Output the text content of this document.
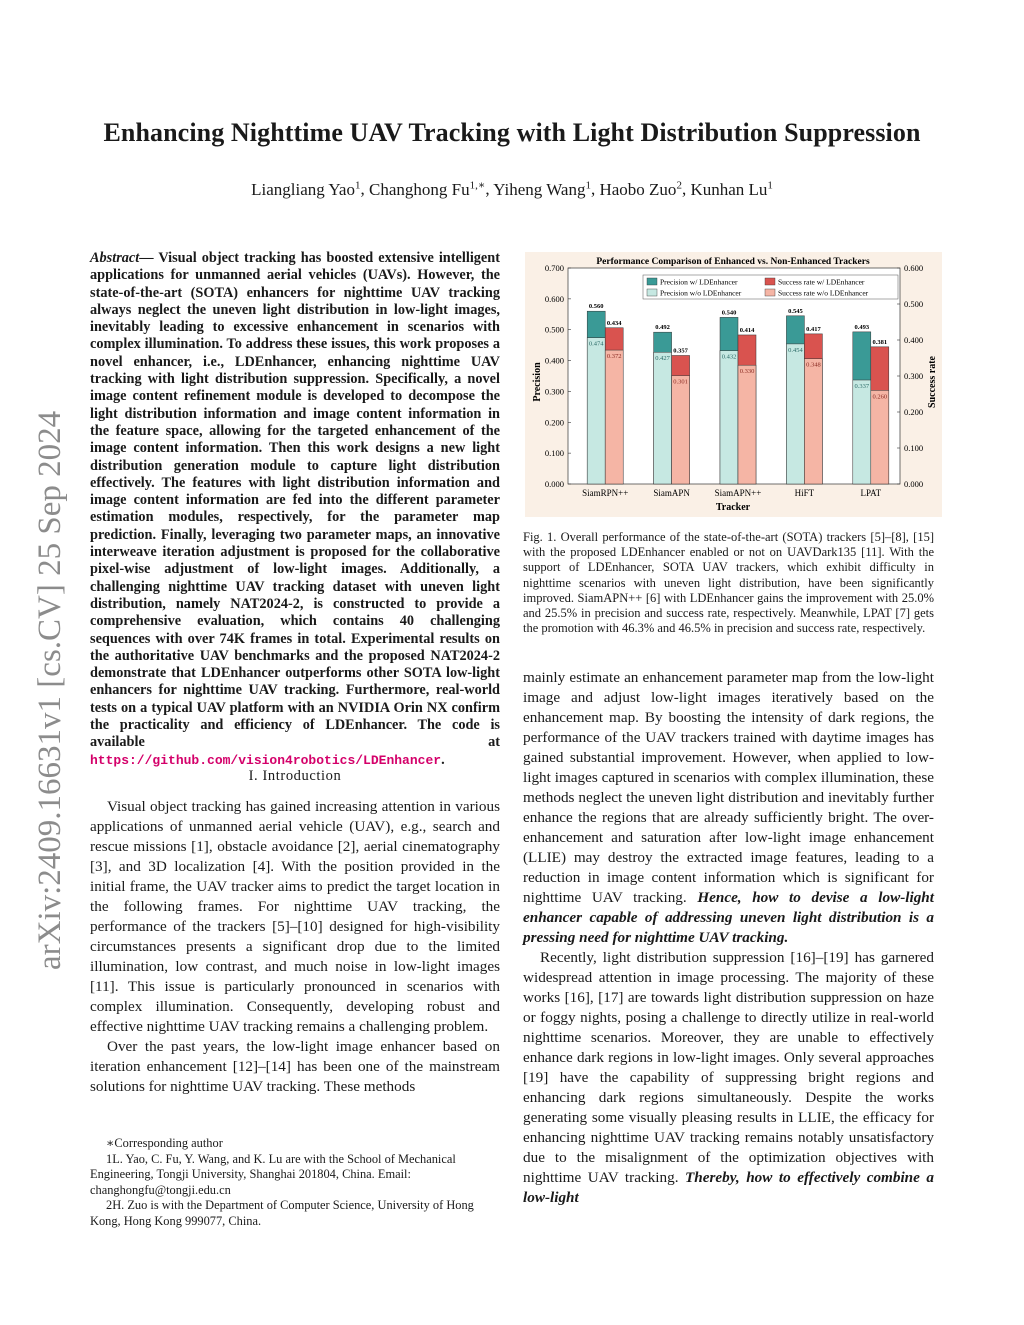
arXiv:2409.16631v1 [cs.CV] 25 Sep 2024
Enhancing Nighttime UAV Tracking with Light Distribution Suppression
Liangliang Yao$^1$, Changhong $Fu^{1,∗}$, Yiheng Wang$^1$, Haobo Zuo$^2$, Kunhan Lu$^1$
Abstract— Visual object tracking has boosted extensive intelligent applications for unmanned aerial vehicles (UAVs). However, the state-of-the-art (SOTA) enhancers for nighttime UAV tracking always neglect the uneven light distribution in low-light images, inevitably leading to excessive enhancement in scenarios with complex illumination. To address these issues, this work proposes a novel enhancer, i.e., LDEnhancer, enhancing nighttime UAV tracking with light distribution suppression. Specifically, a novel image content refinement module is developed to decompose the light distribution information and image content information in the feature space, allowing for the targeted enhancement of the image content information. Then this work designs a new light distribution generation module to capture light distribution effectively. The features with light distribution information and image content information are fed into the different parameter estimation modules, respectively, for the parameter map prediction. Finally, leveraging two parameter maps, an innovative interweave iteration adjustment is proposed for the collaborative pixel-wise adjustment of low-light images. Additionally, a challenging nighttime UAV tracking dataset with uneven light distribution, namely NAT2024-2, is constructed to provide a comprehensive evaluation, which contains 40 challenging sequences with over 74K frames in total. Experimental results on the authoritative UAV benchmarks and the proposed NAT2024-2 demonstrate that LDEnhancer outperforms other SOTA low-light enhancers for nighttime UAV tracking. Furthermore, real-world tests on a typical UAV platform with an NVIDIA Orin NX confirm the practicality and efficiency of LDEnhancer. The code is available at https://github.com/vision4robotics/LDEnhancer.
I. Introduction

Visual object tracking has gained increasing attention in various applications of unmanned aerial vehicle (UAV), e.g., search and rescue missions [1], obstacle avoidance [2], aerial cinematography [3], and 3D localization [4]. With the position provided in the initial frame, the UAV tracker aims to predict the target location in the following frames. For nighttime UAV tracking, the performance of the trackers [5]–[10] designed for high-visibility circumstances presents a significant drop due to the limited illumination, low contrast, and much noise in low-light images [11]. This issue is particularly pronounced in scenarios with complex illumination. Consequently, developing robust and effective nighttime UAV tracking remains a challenging problem.

Over the past years, the low-light image enhancer based on iteration enhancement [12]–[14] has been one of the mainstream solutions for nighttime UAV tracking. These methods

∗Corresponding author
1L. Yao, C. Fu, Y. Wang, and K. Lu are with the School of Mechanical Engineering, Tongji University, Shanghai 201804, China. Email: changhongfu@tongji.edu.cn
2H. Zuo is with the Department of Computer Science, University of Hong Kong, Hong Kong 999077, China.
Performance Comparison of Enhanced vs. Non-Enhanced Trackers
Precision	Success rate
Tracker
0.000
0.100
0.200
0.300
0.400
0.500
0.600
0.700
0.000
0.100
0.200
0.300
0.400
0.500
0.600
0.560
0.474
0.434
0.372
SiamRPN++
0.492
0.427
0.357
0.301
SiamAPN
0.540
0.432
0.414
0.330
SiamAPN++
0.545
0.454
0.417
0.348
HiFT
0.493
0.337
0.381
0.260
LPAT
Precision w/ LDEnhancer
Precision w/o LDEnhancer
Success rate w/ LDEnhancer
Success rate w/o LDEnhancer
Fig. 1. Overall performance of the state-of-the-art (SOTA) trackers [5]–[8], [15] with the proposed LDEnhancer enabled or not on UAVDark135 [11]. With the support of LDEnhancer, SOTA UAV trackers, which exhibit difficulty in nighttime scenarios with uneven light distribution, have been significantly improved. SiamAPN++ [6] with LDEnhancer gains the improvement with 25.0% and 25.5% in precision and success rate, respectively. Meanwhile, LPAT [7] gets the promotion with 46.3% and 46.5% in precision and success rate, respectively.

mainly estimate an enhancement parameter map from the low-light image and adjust low-light images iteratively based on the enhancement map. By boosting the intensity of dark regions, the performance of the UAV trackers trained with daytime images has gained substantial improvement. However, when applied to low-light images captured in scenarios with complex illumination, these methods neglect the uneven light distribution and inevitably further enhance the regions that are already sufficiently bright. The over-enhancement and saturation after low-light image enhancement (LLIE) may destroy the extracted image features, leading to a reduction in image content information which is significant for nighttime UAV tracking. Hence, how to devise a low-light enhancer capable of addressing uneven light distribution is a pressing need for nighttime UAV tracking.

Recently, light distribution suppression [16]–[19] has garnered widespread attention in image processing. The majority of these works [16], [17] are towards light distribution suppression on haze or foggy nights, posing a challenge to directly utilize in real-world nighttime scenarios. Moreover, they are unable to effectively enhance dark regions in low-light images. Only several approaches [19] have the capability of suppressing bright regions and enhancing dark regions simultaneously. Despite the works generating some visually pleasing results in LLIE, the efficacy for enhancing nighttime UAV tracking remains notably unsatisfactory due to the misalignment of the optimization objectives with nighttime UAV tracking. Thereby, how to effectively combine a low-light
